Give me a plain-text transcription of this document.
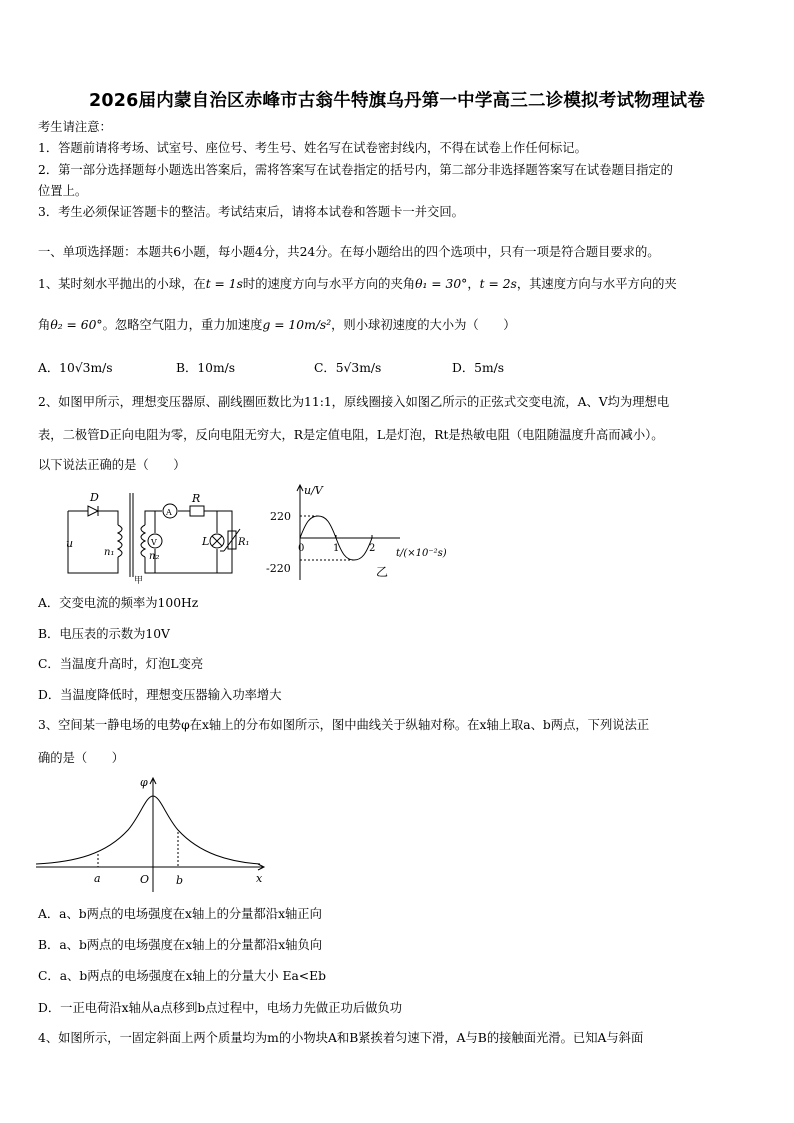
2026届内蒙自治区赤峰市古翁牛特旗乌丹第一中学高三二诊模拟考试物理试卷
考生请注意：
1．答题前请将考场、试室号、座位号、考生号、姓名写在试卷密封线内，不得在试卷上作任何标记。
2．第一部分选择题每小题选出答案后，需将答案写在试卷指定的括号内，第二部分非选择题答案写在试卷题目指定的
位置上。
3．考生必须保证答题卡的整洁。考试结束后，请将本试卷和答题卡一并交回。
一、单项选择题：本题共6小题，每小题4分，共24分。在每小题给出的四个选项中，只有一项是符合题目要求的。
1、某时刻水平抛出的小球，在t = 1s时的速度方向与水平方向的夹角θ₁ = 30°，t = 2s，其速度方向与水平方向的夹
角θ₂ = 60°。忽略空气阻力，重力加速度g = 10m/s²，则小球初速度的大小为（　　）
A．10√3m/s	B．10m/s	C．5√3m/s	D．5m/s
2、如图甲所示，理想变压器原、副线圈匝数比为11:1，原线圈接入如图乙所示的正弦式交变电流，A、V均为理想电
表，二极管D正向电阻为零，反向电阻无穷大，R是定值电阻，L是灯泡，Rt是热敏电阻（电阻随温度升高而减小）。
以下说法正确的是（　　）
D
u
n₁	n₂
A
V
R
L	R₁
甲
u/V
220
-220
0	1	2 t/(×10⁻²s)
乙
A．交变电流的频率为100Hz
B．电压表的示数为10V
C．当温度升高时，灯泡L变亮
D．当温度降低时，理想变压器输入功率增大
3、空间某一静电场的电势φ在x轴上的分布如图所示，图中曲线关于纵轴对称。在x轴上取a、b两点，下列说法正
确的是（　　）
φ
a	O b	x
A．a、b两点的电场强度在x轴上的分量都沿x轴正向
B．a、b两点的电场强度在x轴上的分量都沿x轴负向
C．a、b两点的电场强度在x轴上的分量大小 Ea<Eb
D．一正电荷沿x轴从a点移到b点过程中，电场力先做正功后做负功
4、如图所示，一固定斜面上两个质量均为m的小物块A和B紧挨着匀速下滑，A与B的接触面光滑。已知A与斜面
